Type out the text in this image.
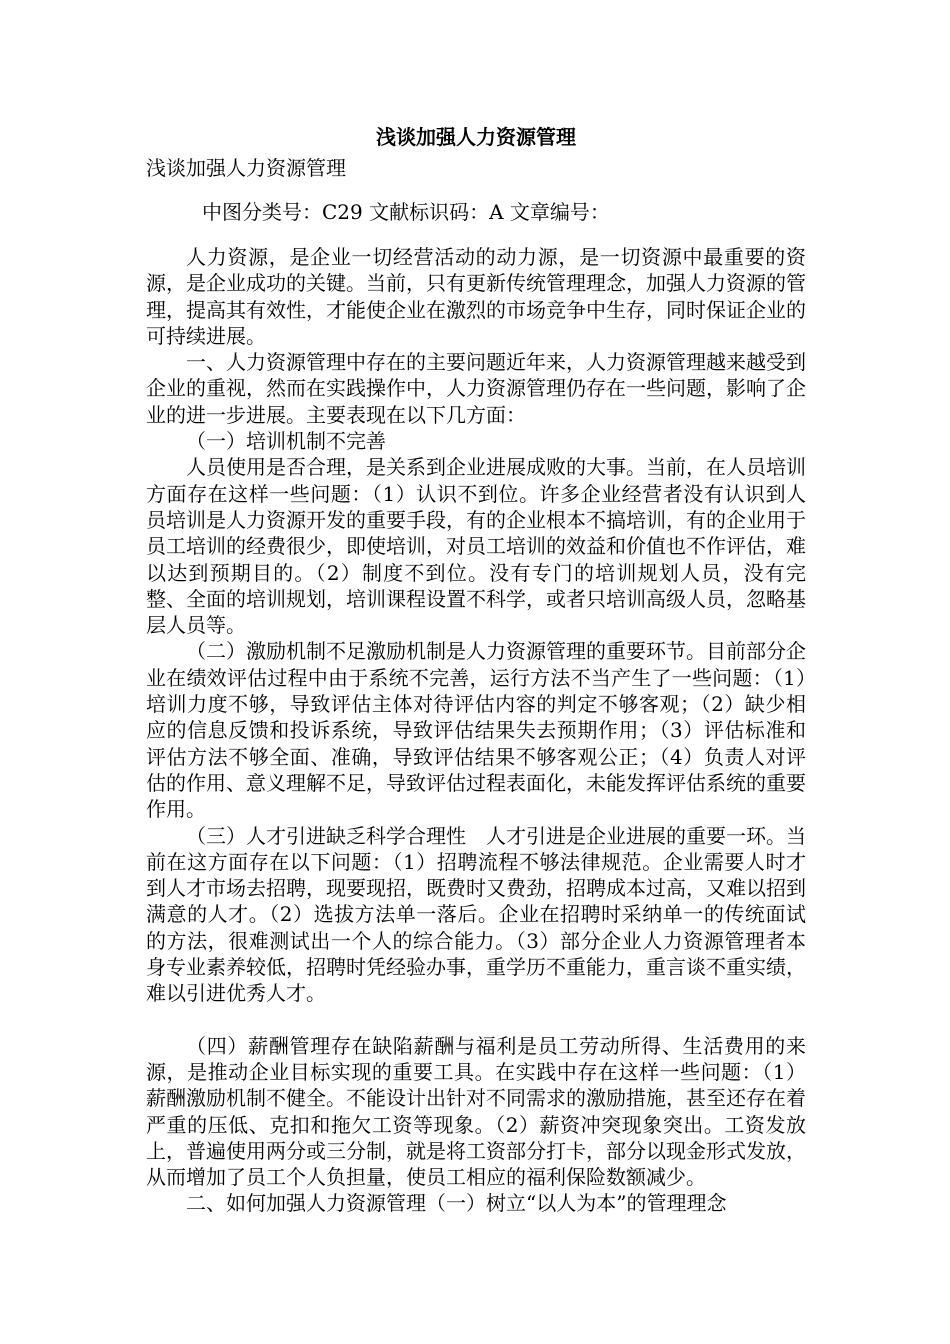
浅谈加强人力资源管理

浅谈加强人力资源管理

中图分类号：C29 文献标识码：A 文章编号：

人力资源，是企业一切经营活动的动力源，是一切资源中最重要的资源，是企业成功的关键。当前，只有更新传统管理理念，加强人力资源的管理，提高其有效性，才能使企业在激烈的市场竞争中生存，同时保证企业的可持续进展。

一、人力资源管理中存在的主要问题近年来，人力资源管理越来越受到企业的重视，然而在实践操作中，人力资源管理仍存在一些问题，影响了企业的进一步进展。主要表现在以下几方面：

（一）培训机制不完善

人员使用是否合理，是关系到企业进展成败的大事。当前，在人员培训方面存在这样一些问题：（1）认识不到位。许多企业经营者没有认识到人员培训是人力资源开发的重要手段，有的企业根本不搞培训，有的企业用于员工培训的经费很少，即使培训，对员工培训的效益和价值也不作评估，难以达到预期目的。（2）制度不到位。没有专门的培训规划人员，没有完整、全面的培训规划，培训课程设置不科学，或者只培训高级人员，忽略基层人员等。

（二）激励机制不足激励机制是人力资源管理的重要环节。目前部分企业在绩效评估过程中由于系统不完善，运行方法不当产生了一些问题：（1）培训力度不够，导致评估主体对待评估内容的判定不够客观；（2）缺少相应的信息反馈和投诉系统，导致评估结果失去预期作用；（3）评估标准和评估方法不够全面、准确，导致评估结果不够客观公正；（4）负责人对评估的作用、意义理解不足，导致评估过程表面化，未能发挥评估系统的重要作用。

（三）人才引进缺乏科学合理性　人才引进是企业进展的重要一环。当前在这方面存在以下问题：（1）招聘流程不够法律规范。企业需要人时才到人才市场去招聘，现要现招，既费时又费劲，招聘成本过高，又难以招到满意的人才。（2）选拔方法单一落后。企业在招聘时采纳单一的传统面试的方法，很难测试出一个人的综合能力。（3）部分企业人力资源管理者本身专业素养较低，招聘时凭经验办事，重学历不重能力，重言谈不重实绩，难以引进优秀人才。

（四）薪酬管理存在缺陷薪酬与福利是员工劳动所得、生活费用的来源，是推动企业目标实现的重要工具。在实践中存在这样一些问题：（1）薪酬激励机制不健全。不能设计出针对不同需求的激励措施，甚至还存在着严重的压低、克扣和拖欠工资等现象。（2）薪资冲突现象突出。工资发放上，普遍使用两分或三分制，就是将工资部分打卡，部分以现金形式发放，从而增加了员工个人负担量，使员工相应的福利保险数额减少。

二、如何加强人力资源管理（一）树立“以人为本”的管理理念
